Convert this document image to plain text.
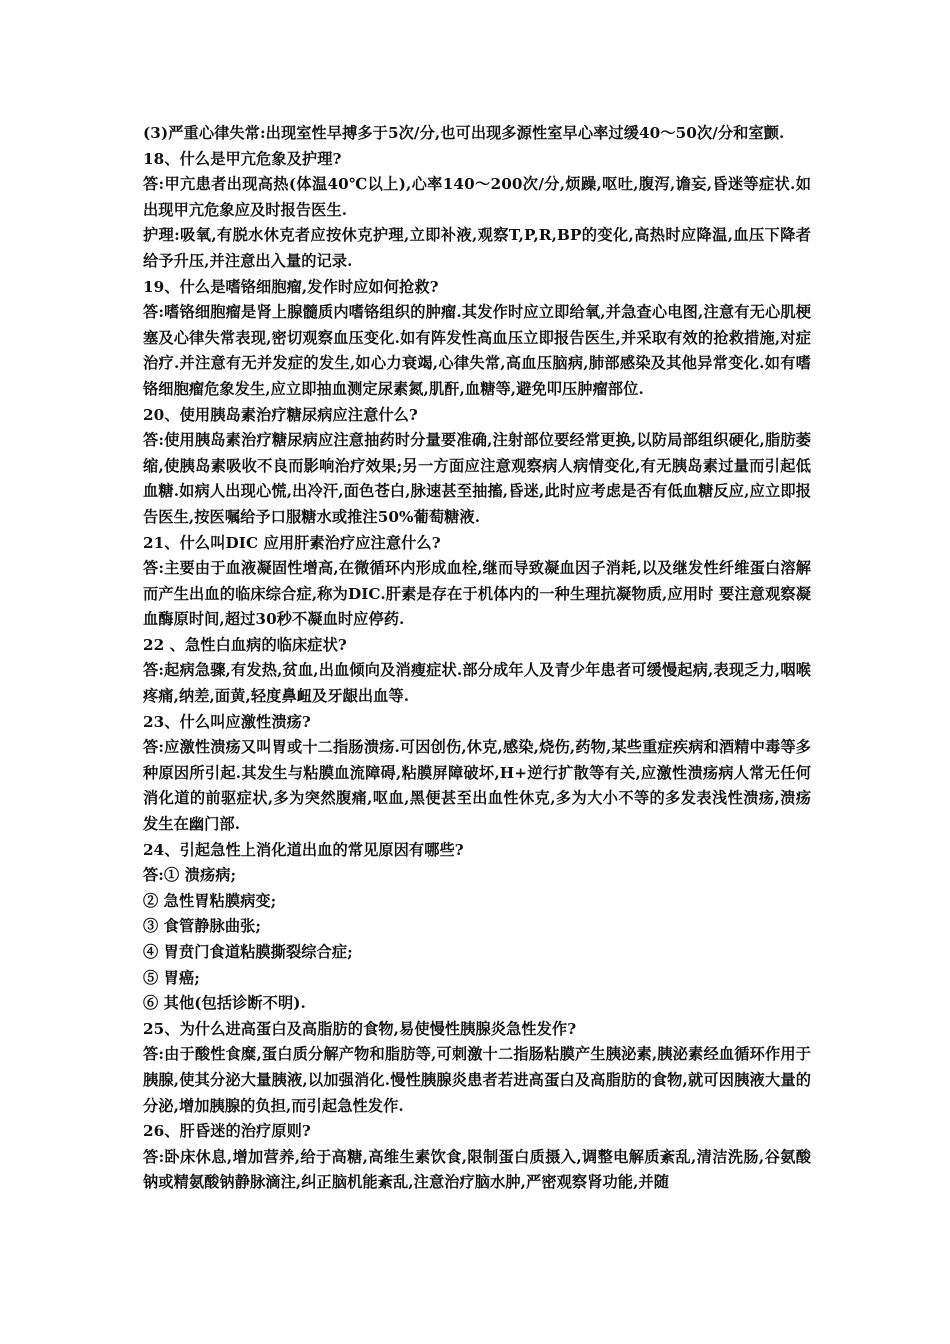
(3)严重心律失常:出现室性早搏多于5次/分,也可出现多源性室早心率过缓40～50次/分和室颤.

18、什么是甲亢危象及护理?

答:甲亢患者出现高热(体温40℃以上),心率140～200次/分,烦躁,呕吐,腹泻,谵妄,昏迷等症状.如出现甲亢危象应及时报告医生.

护理:吸氧,有脱水休克者应按休克护理,立即补液,观察T,P,R,BP的变化,高热时应降温,血压下降者给予升压,并注意出入量的记录.

19、什么是嗜铬细胞瘤,发作时应如何抢救?

答:嗜铬细胞瘤是肾上腺髓质内嗜铬组织的肿瘤.其发作时应立即给氧,并急查心电图,注意有无心肌梗塞及心律失常表现,密切观察血压变化.如有阵发性高血压立即报告医生,并采取有效的抢救措施,对症治疗.并注意有无并发症的发生,如心力衰竭,心律失常,高血压脑病,肺部感染及其他异常变化.如有嗜铬细胞瘤危象发生,应立即抽血测定尿素氮,肌酐,血糖等,避免叩压肿瘤部位.

20、使用胰岛素治疗糖尿病应注意什么?

答:使用胰岛素治疗糖尿病应注意抽药时分量要准确,注射部位要经常更换,以防局部组织硬化,脂肪萎缩,使胰岛素吸收不良而影响治疗效果;另一方面应注意观察病人病情变化,有无胰岛素过量而引起低血糖.如病人出现心慌,出冷汗,面色苍白,脉速甚至抽搐,昏迷,此时应考虑是否有低血糖反应,应立即报告医生,按医嘱给予口服糖水或推注50%葡萄糖液.

21、什么叫DIC 应用肝素治疗应注意什么?

答:主要由于血液凝固性增高,在微循环内形成血栓,继而导致凝血因子消耗,以及继发性纤维蛋白溶解而产生出血的临床综合症,称为DIC.肝素是存在于机体内的一种生理抗凝物质,应用时 要注意观察凝血酶原时间,超过30秒不凝血时应停药.

22 、急性白血病的临床症状?

答:起病急骤,有发热,贫血,出血倾向及消瘦症状.部分成年人及青少年患者可缓慢起病,表现乏力,咽喉疼痛,纳差,面黄,轻度鼻衄及牙龈出血等.

23、什么叫应激性溃疡?

答:应激性溃疡又叫胃或十二指肠溃疡.可因创伤,休克,感染,烧伤,药物,某些重症疾病和酒精中毒等多种原因所引起.其发生与粘膜血流障碍,粘膜屏障破坏,H+逆行扩散等有关,应激性溃疡病人常无任何消化道的前驱症状,多为突然腹痛,呕血,黑便甚至出血性休克,多为大小不等的多发表浅性溃疡,溃疡发生在幽门部.

24、引起急性上消化道出血的常见原因有哪些?

答:① 溃疡病;

② 急性胃粘膜病变;

③ 食管静脉曲张;

④ 胃贲门食道粘膜撕裂综合症;

⑤ 胃癌;

⑥ 其他(包括诊断不明).

25、为什么进高蛋白及高脂肪的食物,易使慢性胰腺炎急性发作?

答:由于酸性食糜,蛋白质分解产物和脂肪等,可刺激十二指肠粘膜产生胰泌素,胰泌素经血循环作用于胰腺,使其分泌大量胰液,以加强消化.慢性胰腺炎患者若进高蛋白及高脂肪的食物,就可因胰液大量的分泌,增加胰腺的负担,而引起急性发作.

26、肝昏迷的治疗原则?

答:卧床休息,增加营养,给于高糖,高维生素饮食,限制蛋白质摄入,调整电解质紊乱,清洁洗肠,谷氨酸钠或精氨酸钠静脉滴注,纠正脑机能紊乱,注意治疗脑水肿,严密观察肾功能,并随
